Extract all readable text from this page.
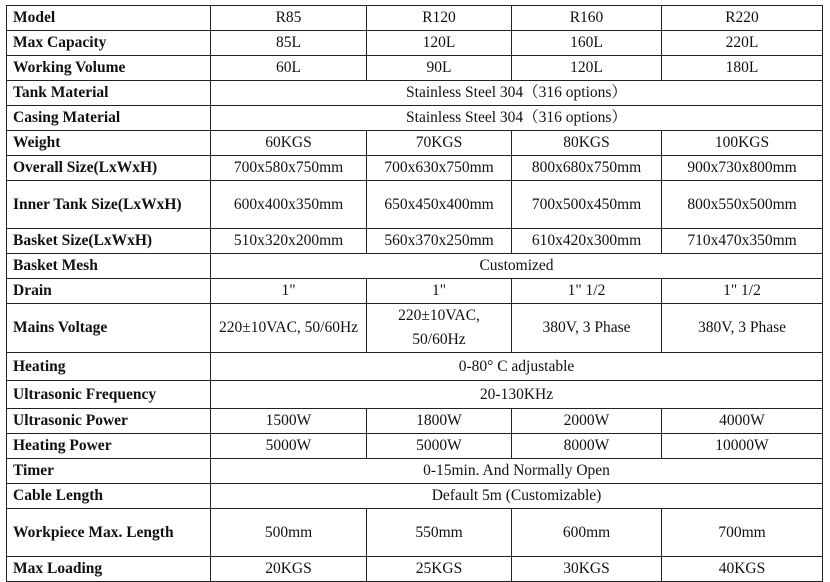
Model	R85	R120	R160	R220
Max Capacity	85L	120L	160L	220L
Working Volume	60L	90L	120L	180L
Tank Material	Stainless Steel 304（316 options）			
Casing Material	Stainless Steel 304（316 options）			
Weight	60KGS	70KGS	80KGS	100KGS
Overall Size(LxWxH)	700x580x750mm	700x630x750mm	800x680x750mm	900x730x800mm
Inner Tank Size(LxWxH)	600x400x350mm	650x450x400mm	700x500x450mm	800x550x500mm
Basket Size(LxWxH)	510x320x200mm	560x370x250mm	610x420x300mm	710x470x350mm
Basket Mesh	Customized			
Drain	1"	1"	1" 1/2	1" 1/2
Mains Voltage	220±10VAC, 50/60Hz	220±10VAC, 50/60Hz	380V, 3 Phase	380V, 3 Phase
Heating	0-80° C adjustable			
Ultrasonic Frequency	20-130KHz			
Ultrasonic Power	1500W	1800W	2000W	4000W
Heating Power	5000W	5000W	8000W	10000W
Timer	0-15min. And Normally Open			
Cable Length	Default 5m (Customizable)			
Workpiece Max. Length	500mm	550mm	600mm	700mm
Max Loading	20KGS	25KGS	30KGS	40KGS
